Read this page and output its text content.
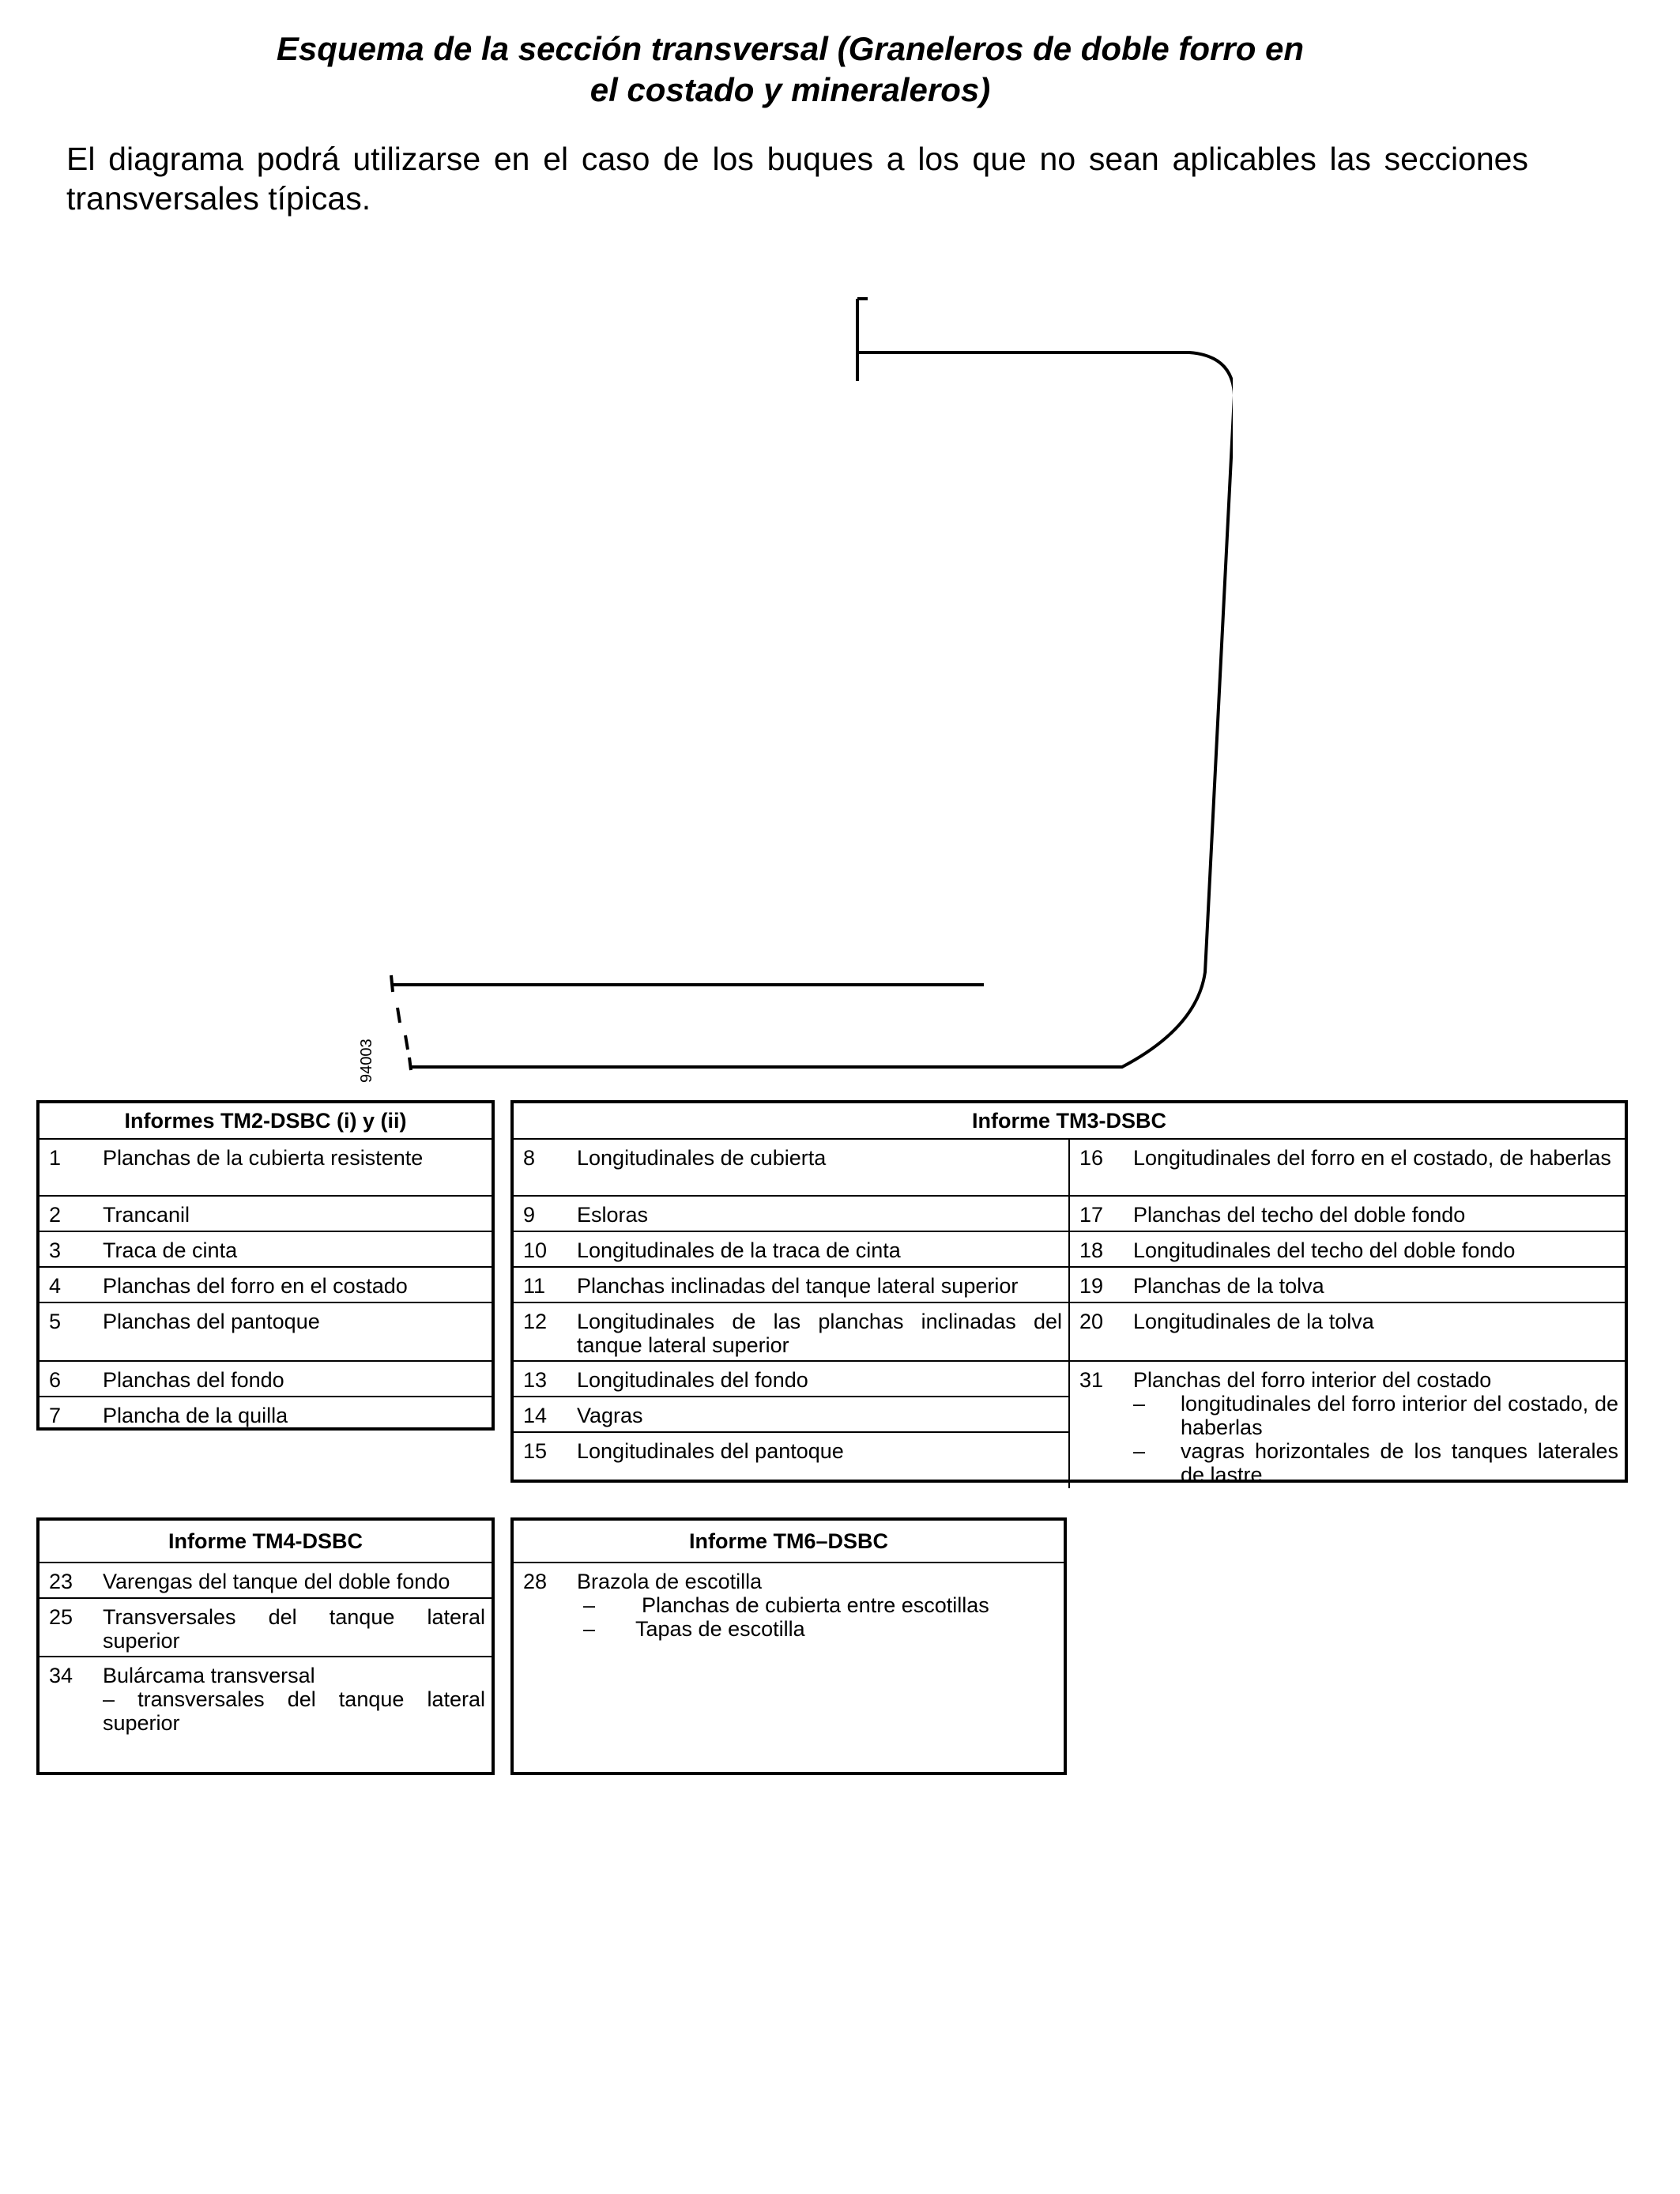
Esquema de la sección transversal (Graneleros de doble forro en
el costado y mineraleros)
El diagrama podrá utilizarse en el caso de los buques a los que no sean aplicables las secciones transversales típicas.
94003
Informes TM2-DSBC (i) y (ii)
1	Planchas de la cubierta resistente
2	Trancanil
3	Traca de cinta
4	Planchas del forro en el costado
5	Planchas del pantoque
6	Planchas del fondo
7	Plancha de la quilla
Informe TM3-DSBC
8	Longitudinales de cubierta
9	Esloras
10	Longitudinales de la traca de cinta
11	Planchas inclinadas del tanque lateral superior
12	Longitudinales de las planchas inclinadas del tanque lateral superior
13	Longitudinales del fondo
14	Vagras
15	Longitudinales del pantoque
16	Longitudinales del forro en el costado, de haberlas
17	Planchas del techo del doble fondo
18	Longitudinales del techo del doble fondo
19	Planchas de la tolva
20	Longitudinales de la tolva
31	Planchas del forro interior del costado
–	longitudinales del forro interior del costado, de haberlas
–	vagras horizontales de los tanques laterales de lastre
Informe TM4-DSBC
23	Varengas del tanque del doble fondo
25	Transversales del tanque lateral superior
34	Bulárcama transversal
– transversales del tanque lateral superior
Informe TM6–DSBC
28	Brazola de escotilla
–	Planchas de cubierta entre escotillas
–	Tapas de escotilla
